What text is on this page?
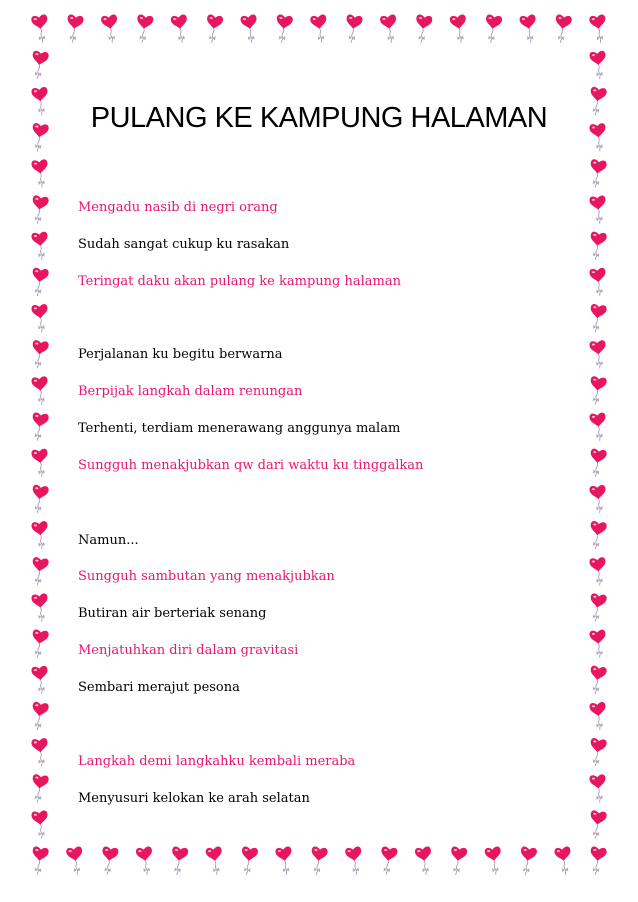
PULANG KE KAMPUNG HALAMAN
Mengadu nasib di negri orang
Sudah sangat cukup ku rasakan
Teringat daku akan pulang ke kampung halaman
Perjalanan ku begitu berwarna
Berpijak langkah dalam renungan
Terhenti, terdiam menerawang anggunya malam
Sungguh menakjubkan qw dari waktu ku tinggalkan
Namun...
Sungguh sambutan yang menakjubkan
Butiran air berteriak senang
Menjatuhkan diri dalam gravitasi
Sembari merajut pesona
Langkah demi langkahku kembali meraba
Menyusuri kelokan ke arah selatan
